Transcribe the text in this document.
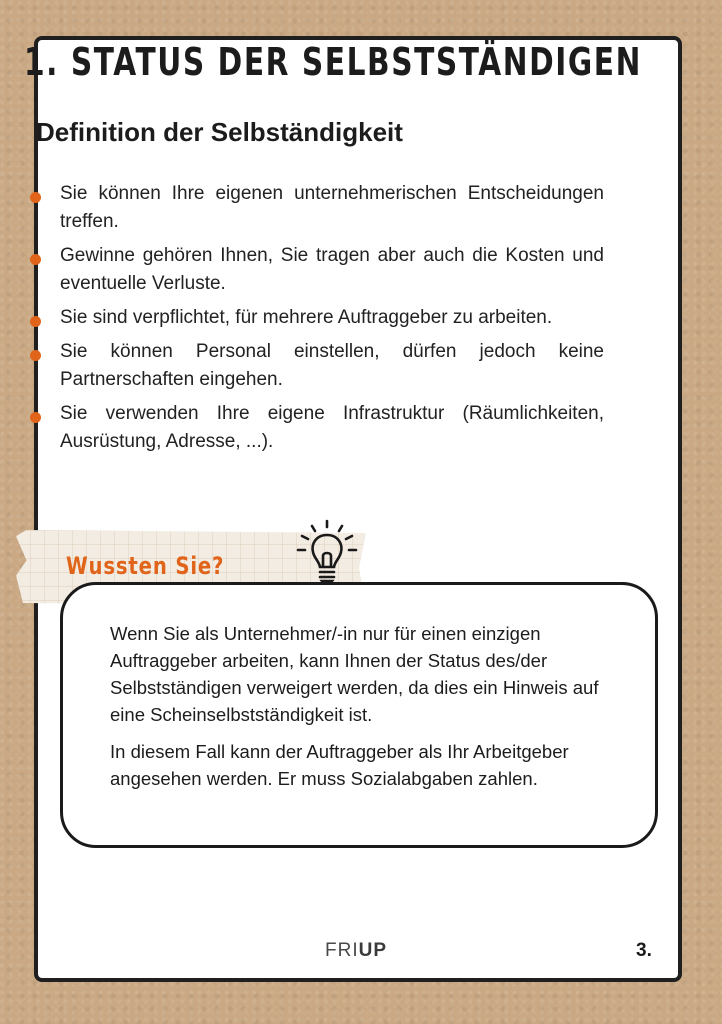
1. STATUS DER SELBSTSTÄNDIGEN
Definition der Selbständigkeit
Sie können Ihre eigenen unternehmerischen Entscheidungen treffen.
Gewinne gehören Ihnen, Sie tragen aber auch die Kosten und eventuelle Verluste.
Sie sind verpflichtet, für mehrere Auftraggeber zu arbeiten.
Sie können Personal einstellen, dürfen jedoch keine Partnerschaften eingehen.
Sie verwenden Ihre eigene Infrastruktur (Räumlichkeiten, Ausrüstung, Adresse, ...).
Wussten Sie?

Wenn Sie als Unternehmer/-in nur für einen einzigen Auftraggeber arbeiten, kann Ihnen der Status des/der Selbstständigen verweigert werden, da dies ein Hinweis auf eine Scheinselbstständigkeit ist.

In diesem Fall kann der Auftraggeber als Ihr Arbeitgeber angesehen werden. Er muss Sozialabgaben zahlen.

FRIUP	3.
